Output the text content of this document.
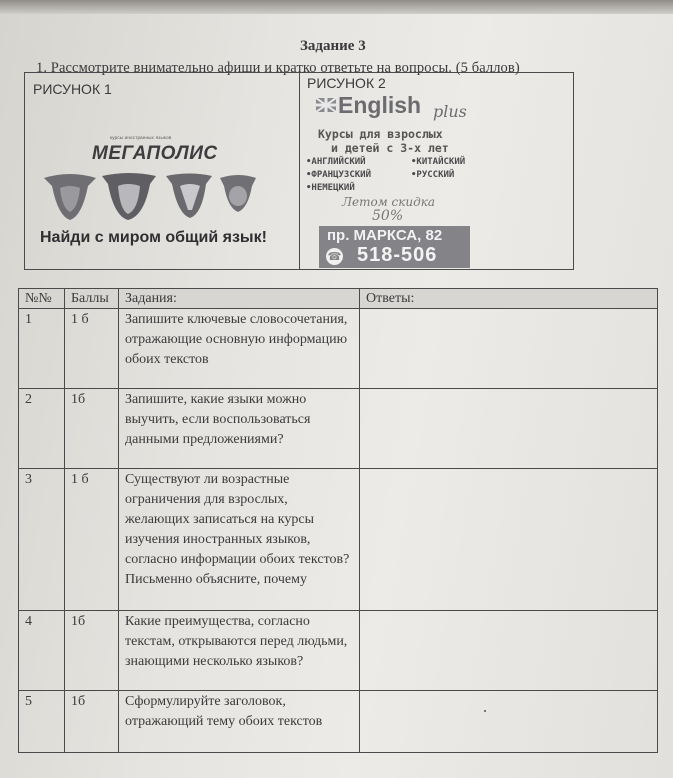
Задание 3
1. Рассмотрите внимательно афиши и кратко ответьте на вопросы. (5 баллов)
РИСУНОК 1	РИСУНОК 2
курсы иностранных языков
МЕГАПОЛИС
Найди с миром общий язык!
English plus
Курсы для взрослых
и детей с 3-х лет
•АНГЛИЙСКИЙ	•КИТАЙСКИЙ
•ФРАНЦУЗСКИЙ	•РУССКИЙ
•НЕМЕЦКИЙ
Летом скидка
50%
пр. МАРКСА, 82
☎ 518-506
№№	Баллы	Задания:	Ответы:
1	1 б	Запишите ключевые словосочетания, отражающие основную информацию обоих текстов	
2	1б	Запишите, какие языки можно выучить, если воспользоваться данными предложениями?	
3	1 б	Существуют ли возрастные ограничения для взрослых, желающих записаться на курсы изучения иностранных языков, согласно информации обоих текстов? Письменно объясните, почему	
4	1б	Какие преимущества, согласно текстам, открываются перед людьми, знающими несколько языков?	
5	1б	Сформулируйте заголовок, отражающий тему обоих текстов	
